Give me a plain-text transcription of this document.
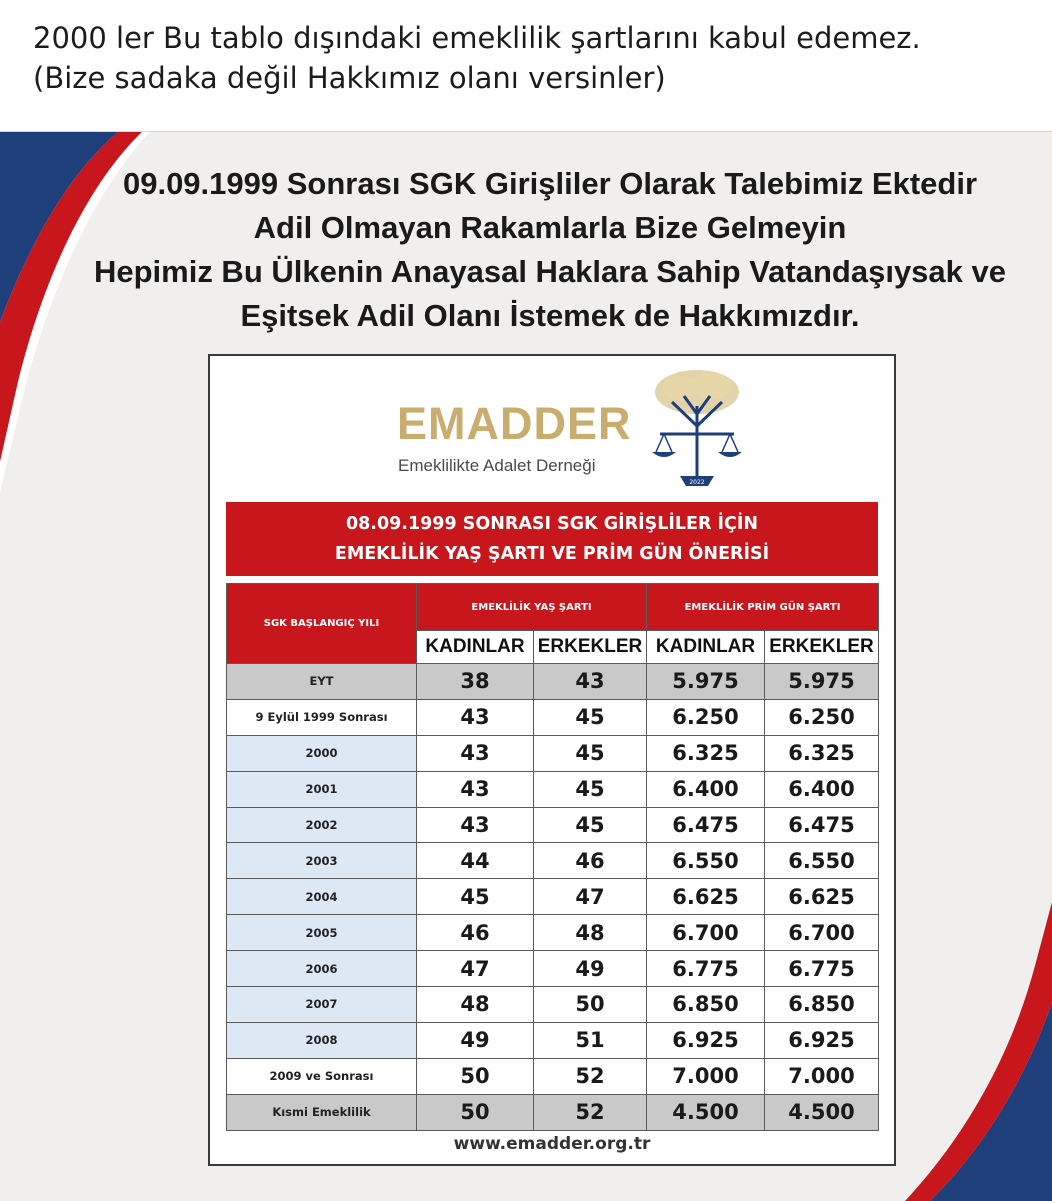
2000 ler Bu tablo dışındaki emeklilik şartlarını kabul edemez.
(Bize sadaka değil Hakkımız olanı versinler)
09.09.1999 Sonrası SGK Girişliler Olarak Talebimiz Ektedir
Adil Olmayan Rakamlarla Bize Gelmeyin
Hepimiz Bu Ülkenin Anayasal Haklara Sahip Vatandaşıysak ve
Eşitsek Adil Olanı İstemek de Hakkımızdır.
EMADDER
Emeklilikte Adalet Derneği
2022
08.09.1999 SONRASI SGK GİRİŞLİLER İÇİN
EMEKLİLİK YAŞ ŞARTI VE PRİM GÜN ÖNERİSİ
SGK BAŞLANGIÇ YILI	EMEKLİLİK YAŞ ŞARTI		EMEKLİLİK PRİM GÜN ŞARTI	
	KADINLAR	ERKEKLER	KADINLAR	ERKEKLER
EYT	38	43	5.975	5.975
9 Eylül 1999 Sonrası	43	45	6.250	6.250
2000	43	45	6.325	6.325
2001	43	45	6.400	6.400
2002	43	45	6.475	6.475
2003	44	46	6.550	6.550
2004	45	47	6.625	6.625
2005	46	48	6.700	6.700
2006	47	49	6.775	6.775
2007	48	50	6.850	6.850
2008	49	51	6.925	6.925
2009 ve Sonrası	50	52	7.000	7.000
Kısmi Emeklilik	50	52	4.500	4.500
www.emadder.org.tr
